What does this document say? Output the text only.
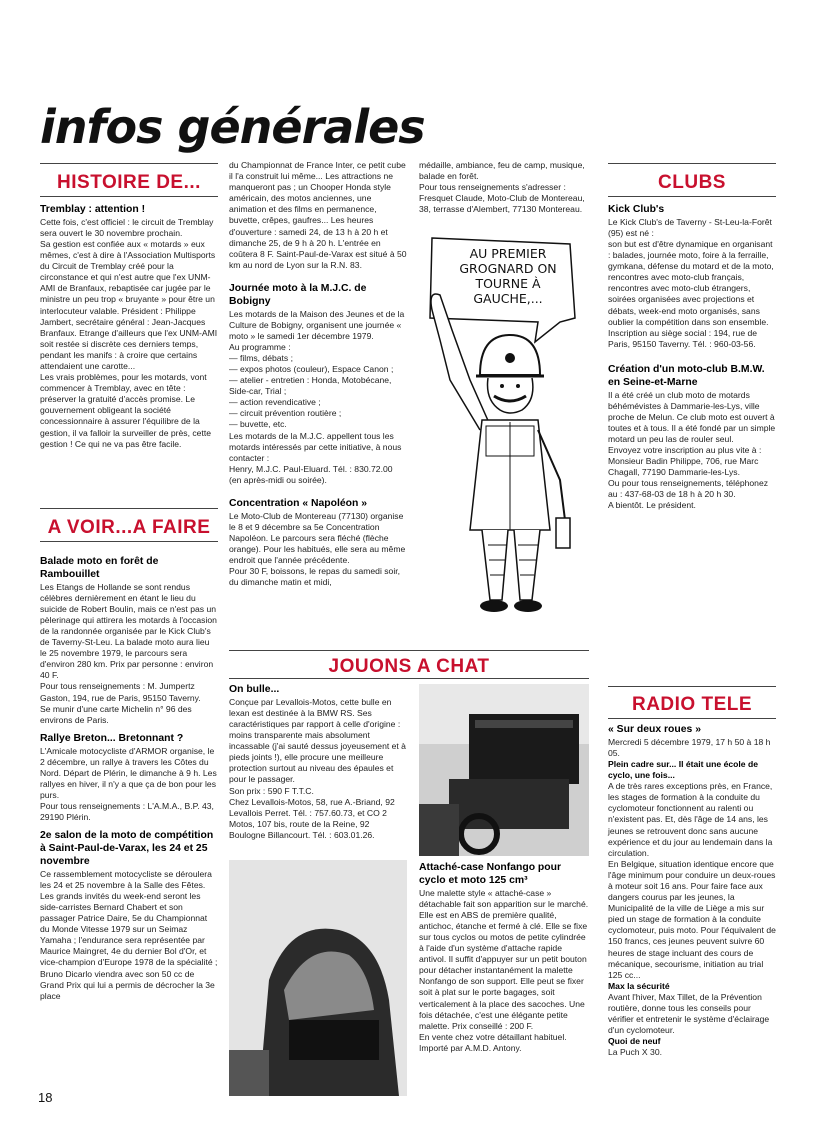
infos générales
HISTOIRE DE...

Tremblay : attention !

Cette fois, c'est officiel : le circuit de Tremblay sera ouvert le 30 novembre prochain.

Sa gestion est confiée aux « motards » eux mêmes, c'est à dire à l'Association Multisports du Circuit de Tremblay créé pour la circonstance et qui n'est autre que l'ex UNM-AMI de Branfaux, rebaptisée car jugée par le ministre un peu trop « bruyante » pour être un interlocuteur valable. Président : Philippe Jambert, secrétaire général : Jean-Jacques Branfaux. Etrange d'ailleurs que l'ex UNM-AMI soit restée si discrète ces derniers temps, pendant les manifs : à croire que certains attendaient une carotte...

Les vrais problèmes, pour les motards, vont commencer à Tremblay, avec en tête : préserver la gratuité d'accès promise. Le gouvernement obligeant la société concessionnaire à assurer l'équilibre de la gestion, il va falloir la surveiller de près, cette gestion ! Ce qui ne va pas être facile.

A VOIR...A FAIRE

Balade moto en forêt de Rambouillet

Les Etangs de Hollande se sont rendus célèbres dernièrement en étant le lieu du suicide de Robert Boulin, mais ce n'est pas un pèlerinage qui attirera les motards à l'occasion de la randonnée organisée par le Kick Club's de Taverny-St-Leu. La balade moto aura lieu le 25 novembre 1979, le parcours sera d'environ 280 km. Prix par personne : environ 40 F.

Pour tous renseignements : M. Jumpertz Gaston, 194, rue de Paris, 95150 Taverny.

Se munir d'une carte Michelin n° 96 des environs de Paris.

Rallye Breton... Bretonnant ?

L'Amicale motocycliste d'ARMOR organise, le 2 décembre, un rallye à travers les Côtes du Nord. Départ de Plérin, le dimanche à 9 h. Les rallyes en hiver, il n'y a que ça de bon pour les purs.

Pour tous renseignements : L'A.M.A., B.P. 43, 29190 Plérin.

2e salon de la moto de compétition à Saint-Paul-de-Varax, les 24 et 25 novembre

Ce rassemblement motocycliste se déroulera les 24 et 25 novembre à la Salle des Fêtes. Les grands invités du week-end seront les side-carristes Bernard Chabert et son passager Patrice Daire, 5e du Championnat du Monde Vitesse 1979 sur un Seimaz Yamaha ; l'endurance sera représentée par Maurice Maingret, 4e du dernier Bol d'Or, et vice-champion d'Europe 1978 de la spécialité ; Bruno Dicarlo viendra avec son 50 cc de Grand Prix qui lui a permis de décrocher la 3e place

du Championnat de France Inter, ce petit cube il l'a construit lui même... Les attractions ne manqueront pas ; un Chooper Honda style américain, des motos anciennes, une animation et des films en permanence, buvette, crêpes, gaufres... Les heures d'ouverture : samedi 24, de 13 h à 20 h et dimanche 25, de 9 h à 20 h. L'entrée en coûtera 8 F. Saint-Paul-de-Varax est situé à 50 km au nord de Lyon sur la R.N. 83.

Journée moto à la M.J.C. de Bobigny

Les motards de la Maison des Jeunes et de la Culture de Bobigny, organisent une journée « moto » le samedi 1er décembre 1979.

Au programme :

— films, débats ;

— expos photos (couleur), Espace Canon ;

— atelier - entretien : Honda, Motobécane, Side-car, Trial ;

— action revendicative ;

— circuit prévention routière ;

— buvette, etc.

Les motards de la M.J.C. appellent tous les motards intéressés par cette initiative, à nous contacter :

Henry, M.J.C. Paul-Eluard. Tél. : 830.72.00 (en après-midi ou soirée).

Concentration « Napoléon »

Le Moto-Club de Montereau (77130) organise le 8 et 9 décembre sa 5e Concentration Napoléon. Le parcours sera fléché (flèche orange). Pour les habitués, elle sera au même endroit que l'année précédente.

Pour 30 F, boissons, le repas du samedi soir, du dimanche matin et midi,

médaille, ambiance, feu de camp, musique, balade en forêt.

Pour tous renseignements s'adresser : Fresquet Claude, Moto-Club de Montereau, 38, terrasse d'Alembert, 77130 Montereau.

AU PREMIER GROGNARD ON TOURNE À GAUCHE,...
CLUBS

Kick Club's

Le Kick Club's de Taverny - St-Leu-la-Forêt (95) est né :

son but est d'être dynamique en organisant : balades, journée moto, foire à la ferraille, gymkana, défense du motard et de la moto, rencontres avec moto-club français, rencontres avec moto-club étrangers, soirées organisées avec projections et débats, week-end moto organisés, sans oublier la compétition dans son ensemble.

Inscription au siège social : 194, rue de Paris, 95150 Taverny. Tél. : 960-03-56.

Création d'un moto-club B.M.W. en Seine-et-Marne

Il a été créé un club moto de motards béhémévistes à Dammarie-les-Lys, ville proche de Melun. Ce club moto est ouvert à toutes et à tous. Il a été fondé par un simple motard un peu las de rouler seul.

Envoyez votre inscription au plus vite à : Monsieur Badin Philippe, 706, rue Marc Chagall, 77190 Dammarie-les-Lys.

Ou pour tous renseignements, téléphonez au : 437-68-03 de 18 h à 20 h 30.

A bientôt. Le président.

JOUONS A CHAT

On bulle...

Conçue par Levallois-Motos, cette bulle en lexan est destinée à la BMW RS. Ses caractéristiques par rapport à celle d'origine : moins transparente mais absolument incassable (j'ai sauté dessus joyeusement et à pieds joints !), elle procure une meilleure protection surtout au niveau des épaules et pour le passager.

Son prix : 590 F T.T.C.

Chez Levallois-Motos, 58, rue A.-Briand, 92 Levallois Perret. Tél. : 757.60.73, et CO 2 Motos, 107 bis, route de la Reine, 92 Boulogne Billancourt. Tél. : 603.01.26.

Attaché-case Nonfango pour cyclo et moto 125 cm³

Une malette style « attaché-case » détachable fait son apparition sur le marché. Elle est en ABS de première qualité, antichoc, étanche et fermé à clé. Elle se fixe sur tous cyclos ou motos de petite cylindrée à l'aide d'un système d'attache rapide antivol. Il suffit d'appuyer sur un petit bouton pour détacher instantanément la malette Nonfango de son support. Elle peut se fixer soit à plat sur le porte bagages, soit verticalement à la place des sacoches. Une fois détachée, c'est une élégante petite malette. Prix conseillé : 200 F.

En vente chez votre détaillant habituel. Importé par A.M.D. Antony.

RADIO TELE

« Sur deux roues »

Mercredi 5 décembre 1979, 17 h 50 à 18 h 05.

Plein cadre sur... Il était une école de cyclo, une fois...

A de très rares exceptions près, en France, les stages de formation à la conduite du cyclomoteur fonctionnent au ralenti ou n'existent pas. Et, dès l'âge de 14 ans, les jeunes se retrouvent donc sans aucune expérience et du jour au lendemain dans la circulation.

En Belgique, situation identique encore que l'âge minimum pour conduire un deux-roues à moteur soit 16 ans. Pour faire face aux dangers courus par les jeunes, la Municipalité de la ville de Liège a mis sur pied un stage de formation à la conduite cyclomoteur, puis moto. Pour l'équivalent de 150 francs, ces jeunes peuvent suivre 60 heures de stage incluant des cours de mécanique, secourisme, initiation au trial 125 cc...

Max la sécurité

Avant l'hiver, Max Tillet, de la Prévention routière, donne tous les conseils pour vérifier et entretenir le système d'éclairage d'un cyclomoteur.

Quoi de neuf

La Puch X 30.

18
